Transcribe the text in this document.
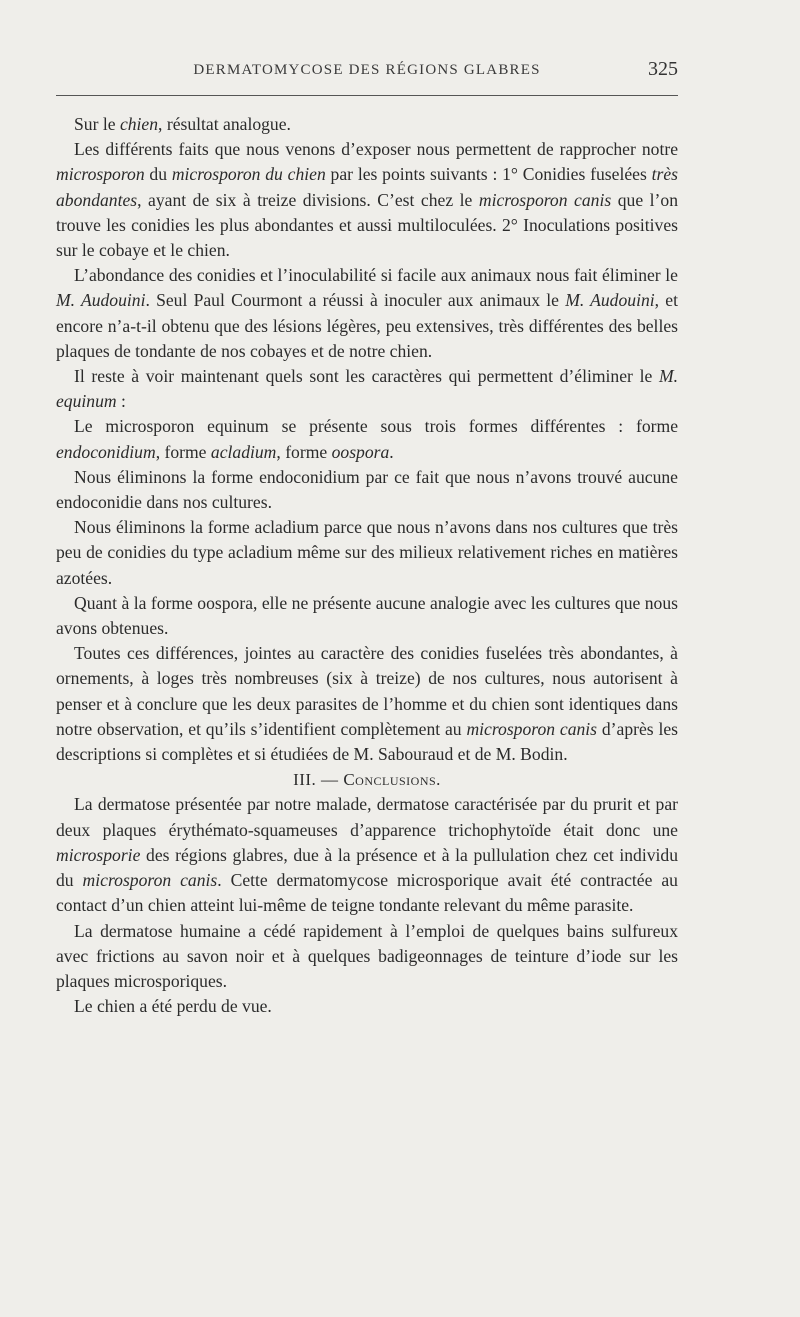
DERMATOMYCOSE DES RÉGIONS GLABRES	325

Sur le chien, résultat analogue.

Les différents faits que nous venons d’exposer nous permettent de rapprocher notre microsporon du microsporon du chien par les points suivants : 1° Conidies fuselées très abondantes, ayant de six à treize divisions. C’est chez le microsporon canis que l’on trouve les conidies les plus abondantes et aussi multiloculées. 2° Inoculations positives sur le cobaye et le chien.

L’abondance des conidies et l’inoculabilité si facile aux animaux nous fait éliminer le M. Audouini. Seul Paul Courmont a réussi à inoculer aux animaux le M. Audouini, et encore n’a-t-il obtenu que des lésions légères, peu extensives, très différentes des belles plaques de tondante de nos cobayes et de notre chien.

Il reste à voir maintenant quels sont les caractères qui permettent d’éliminer le M. equinum :

Le microsporon equinum se présente sous trois formes différentes : forme endoconidium, forme acladium, forme oospora.

Nous éliminons la forme endoconidium par ce fait que nous n’avons trouvé aucune endoconidie dans nos cultures.

Nous éliminons la forme acladium parce que nous n’avons dans nos cultures que très peu de conidies du type acladium même sur des milieux relativement riches en matières azotées.

Quant à la forme oospora, elle ne présente aucune analogie avec les cultures que nous avons obtenues.

Toutes ces différences, jointes au caractère des conidies fuselées très abondantes, à ornements, à loges très nombreuses (six à treize) de nos cultures, nous autorisent à penser et à conclure que les deux parasites de l’homme et du chien sont identiques dans notre observation, et qu’ils s’identifient complètement au microsporon canis d’après les descriptions si complètes et si étudiées de M. Sabouraud et de M. Bodin.

III. — Conclusions.

La dermatose présentée par notre malade, dermatose caractérisée par du prurit et par deux plaques érythémato-squameuses d’apparence trichophytoïde était donc une microsporie des régions glabres, due à la présence et à la pullulation chez cet individu du microsporon canis. Cette dermatomycose microsporique avait été contractée au contact d’un chien atteint lui-même de teigne tondante relevant du même parasite.

La dermatose humaine a cédé rapidement à l’emploi de quelques bains sulfureux avec frictions au savon noir et à quelques badigeonnages de teinture d’iode sur les plaques microsporiques.

Le chien a été perdu de vue.
